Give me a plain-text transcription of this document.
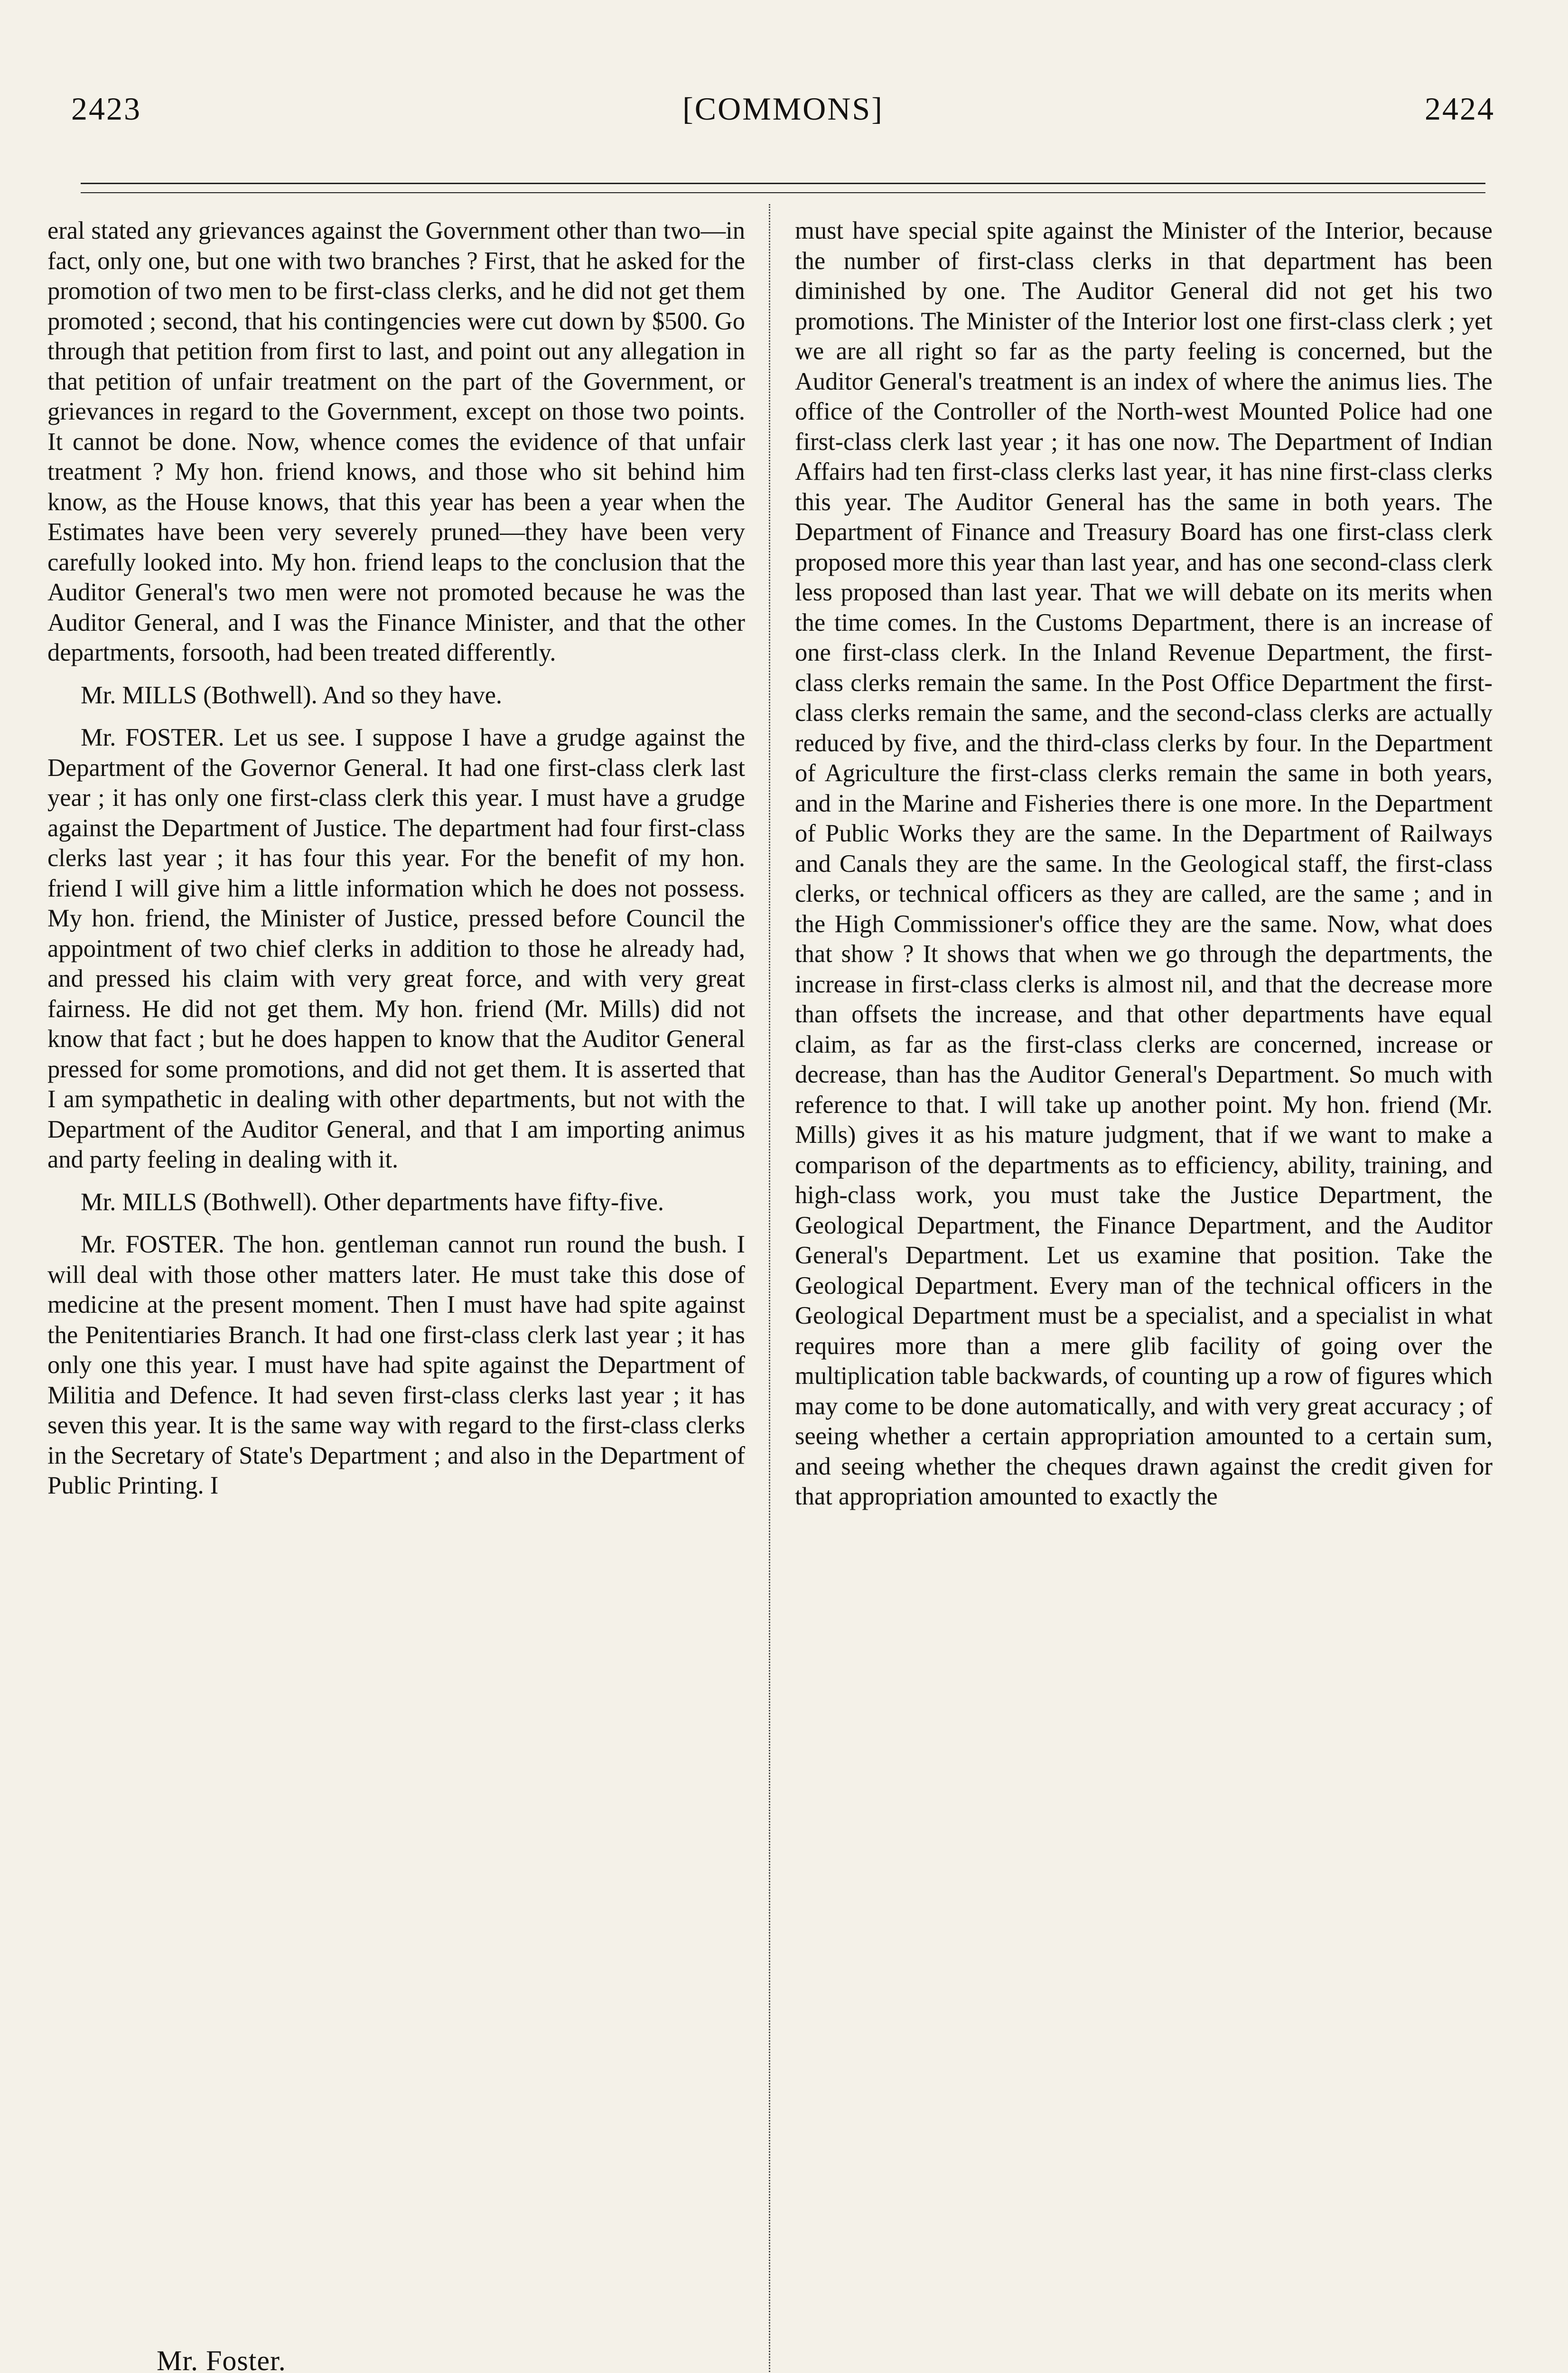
2423	[COMMONS]	2424

eral stated any grievances against the Government other than two—in fact, only one, but one with two branches ? First, that he asked for the promotion of two men to be first-class clerks, and he did not get them promoted ; second, that his contingencies were cut down by $500. Go through that petition from first to last, and point out any allegation in that petition of unfair treatment on the part of the Government, or grievances in regard to the Government, except on those two points. It cannot be done. Now, whence comes the evidence of that unfair treatment ? My hon. friend knows, and those who sit behind him know, as the House knows, that this year has been a year when the Estimates have been very severely pruned—they have been very carefully looked into. My hon. friend leaps to the conclusion that the Auditor General's two men were not promoted because he was the Auditor General, and I was the Finance Minister, and that the other departments, forsooth, had been treated differently.

Mr. MILLS (Bothwell). And so they have.

Mr. FOSTER. Let us see. I suppose I have a grudge against the Department of the Governor General. It had one first-class clerk last year ; it has only one first-class clerk this year. I must have a grudge against the Department of Justice. The department had four first-class clerks last year ; it has four this year. For the benefit of my hon. friend I will give him a little information which he does not possess. My hon. friend, the Minister of Justice, pressed before Council the appointment of two chief clerks in addition to those he already had, and pressed his claim with very great force, and with very great fairness. He did not get them. My hon. friend (Mr. Mills) did not know that fact ; but he does happen to know that the Auditor General pressed for some promotions, and did not get them. It is asserted that I am sympathetic in dealing with other departments, but not with the Department of the Auditor General, and that I am importing animus and party feeling in dealing with it.

Mr. MILLS (Bothwell). Other departments have fifty-five.

Mr. FOSTER. The hon. gentleman cannot run round the bush. I will deal with those other matters later. He must take this dose of medicine at the present moment. Then I must have had spite against the Penitentiaries Branch. It had one first-class clerk last year ; it has only one this year. I must have had spite against the Department of Militia and Defence. It had seven first-class clerks last year ; it has seven this year. It is the same way with regard to the first-class clerks in the Secretary of State's Department ; and also in the Department of Public Printing. I

must have special spite against the Minister of the Interior, because the number of first-class clerks in that department has been diminished by one. The Auditor General did not get his two promotions. The Minister of the Interior lost one first-class clerk ; yet we are all right so far as the party feeling is concerned, but the Auditor General's treatment is an index of where the animus lies. The office of the Controller of the North-west Mounted Police had one first-class clerk last year ; it has one now. The Department of Indian Affairs had ten first-class clerks last year, it has nine first-class clerks this year. The Auditor General has the same in both years. The Department of Finance and Treasury Board has one first-class clerk proposed more this year than last year, and has one second-class clerk less proposed than last year. That we will debate on its merits when the time comes. In the Customs Department, there is an increase of one first-class clerk. In the Inland Revenue Department, the first-class clerks remain the same. In the Post Office Department the first-class clerks remain the same, and the second-class clerks are actually reduced by five, and the third-class clerks by four. In the Department of Agriculture the first-class clerks remain the same in both years, and in the Marine and Fisheries there is one more. In the Department of Public Works they are the same. In the Department of Railways and Canals they are the same. In the Geological staff, the first-class clerks, or technical officers as they are called, are the same ; and in the High Commissioner's office they are the same. Now, what does that show ? It shows that when we go through the departments, the increase in first-class clerks is almost nil, and that the decrease more than offsets the increase, and that other departments have equal claim, as far as the first-class clerks are concerned, increase or decrease, than has the Auditor General's Department. So much with reference to that. I will take up another point. My hon. friend (Mr. Mills) gives it as his mature judgment, that if we want to make a comparison of the departments as to efficiency, ability, training, and high-class work, you must take the Justice Department, the Geological Department, the Finance Department, and the Auditor General's Department. Let us examine that position. Take the Geological Department. Every man of the technical officers in the Geological Department must be a specialist, and a specialist in what requires more than a mere glib facility of going over the multiplication table backwards, of counting up a row of figures which may come to be done automatically, and with very great accuracy ; of seeing whether a certain appropriation amounted to a certain sum, and seeing whether the cheques drawn against the credit given for that appropriation amounted to exactly the

Mr. Foster.
